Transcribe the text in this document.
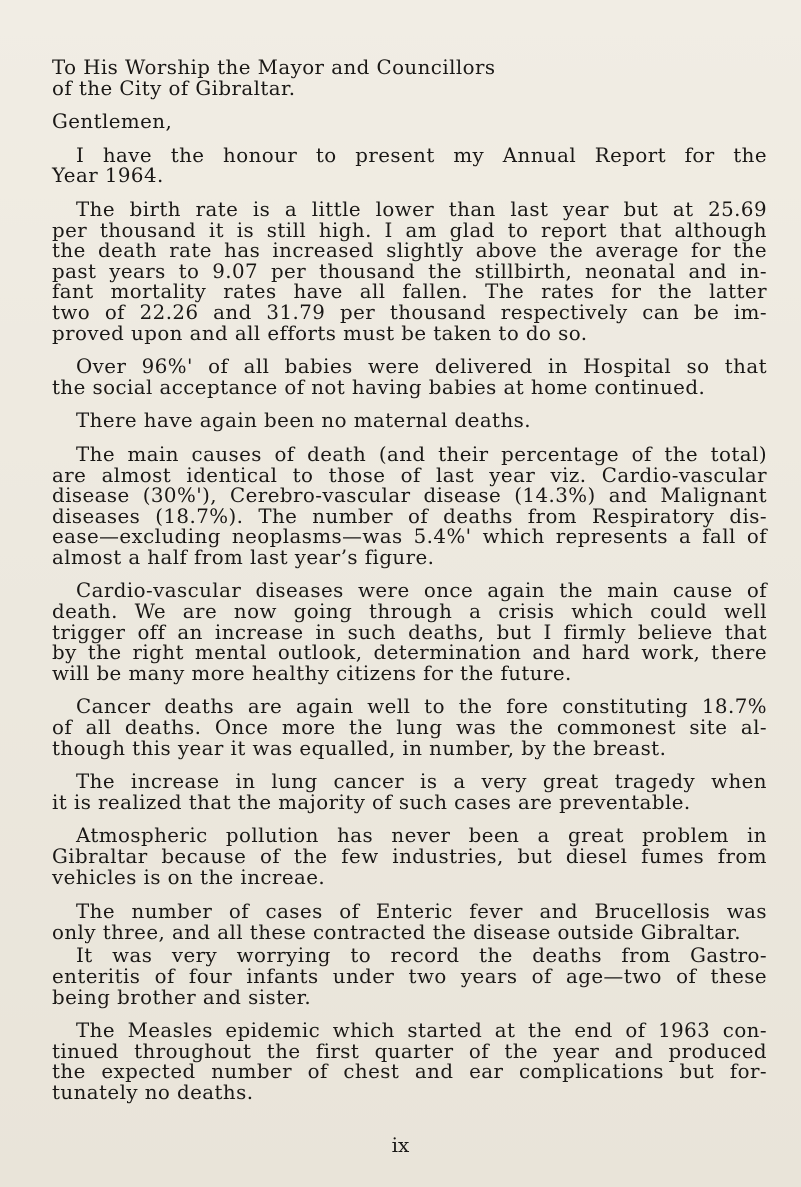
To His Worship the Mayor and Councillors
of the City of Gibraltar.
Gentlemen,
I have the honour to present my Annual Report for the
Year 1964.
The birth rate is a little lower than last year but at 25.69
per thousand it is still high. I am glad to report that although
the death rate has increased slightly above the average for the
past years to 9.07 per thousand the stillbirth, neonatal and in-
fant mortality rates have all fallen. The rates for the latter
two of 22.26 and 31.79 per thousand respectively can be im-
proved upon and all efforts must be taken to do so.
Over 96%' of all babies were delivered in Hospital so that
the social acceptance of not having babies at home continued.
There have again been no maternal deaths.
The main causes of death (and their percentage of the total)
are almost identical to those of last year viz. Cardio-vascular
disease (30%'), Cerebro-vascular disease (14.3%) and Malignant
diseases (18.7%). The number of deaths from Respiratory dis-
ease—excluding neoplasms—was 5.4%' which represents a fall of
almost a half from last year’s figure.
Cardio-vascular diseases were once again the main cause of
death. We are now going through a crisis which could well
trigger off an increase in such deaths, but I firmly believe that
by the right mental outlook, determination and hard work, there
will be many more healthy citizens for the future.
Cancer deaths are again well to the fore constituting 18.7%
of all deaths. Once more the lung was the commonest site al-
though this year it was equalled, in number, by the breast.
The increase in lung cancer is a very great tragedy when
it is realized that the majority of such cases are preventable.
Atmospheric pollution has never been a great problem in
Gibraltar because of the few industries, but diesel fumes from
vehicles is on the increae.
The number of cases of Enteric fever and Brucellosis was
only three, and all these contracted the disease outside Gibraltar.
It was very worrying to record the deaths from Gastro-
enteritis of four infants under two years of age—two of these
being brother and sister.
The Measles epidemic which started at the end of 1963 con-
tinued throughout the first quarter of the year and produced
the expected number of chest and ear complications but for-
tunately no deaths.
ix
